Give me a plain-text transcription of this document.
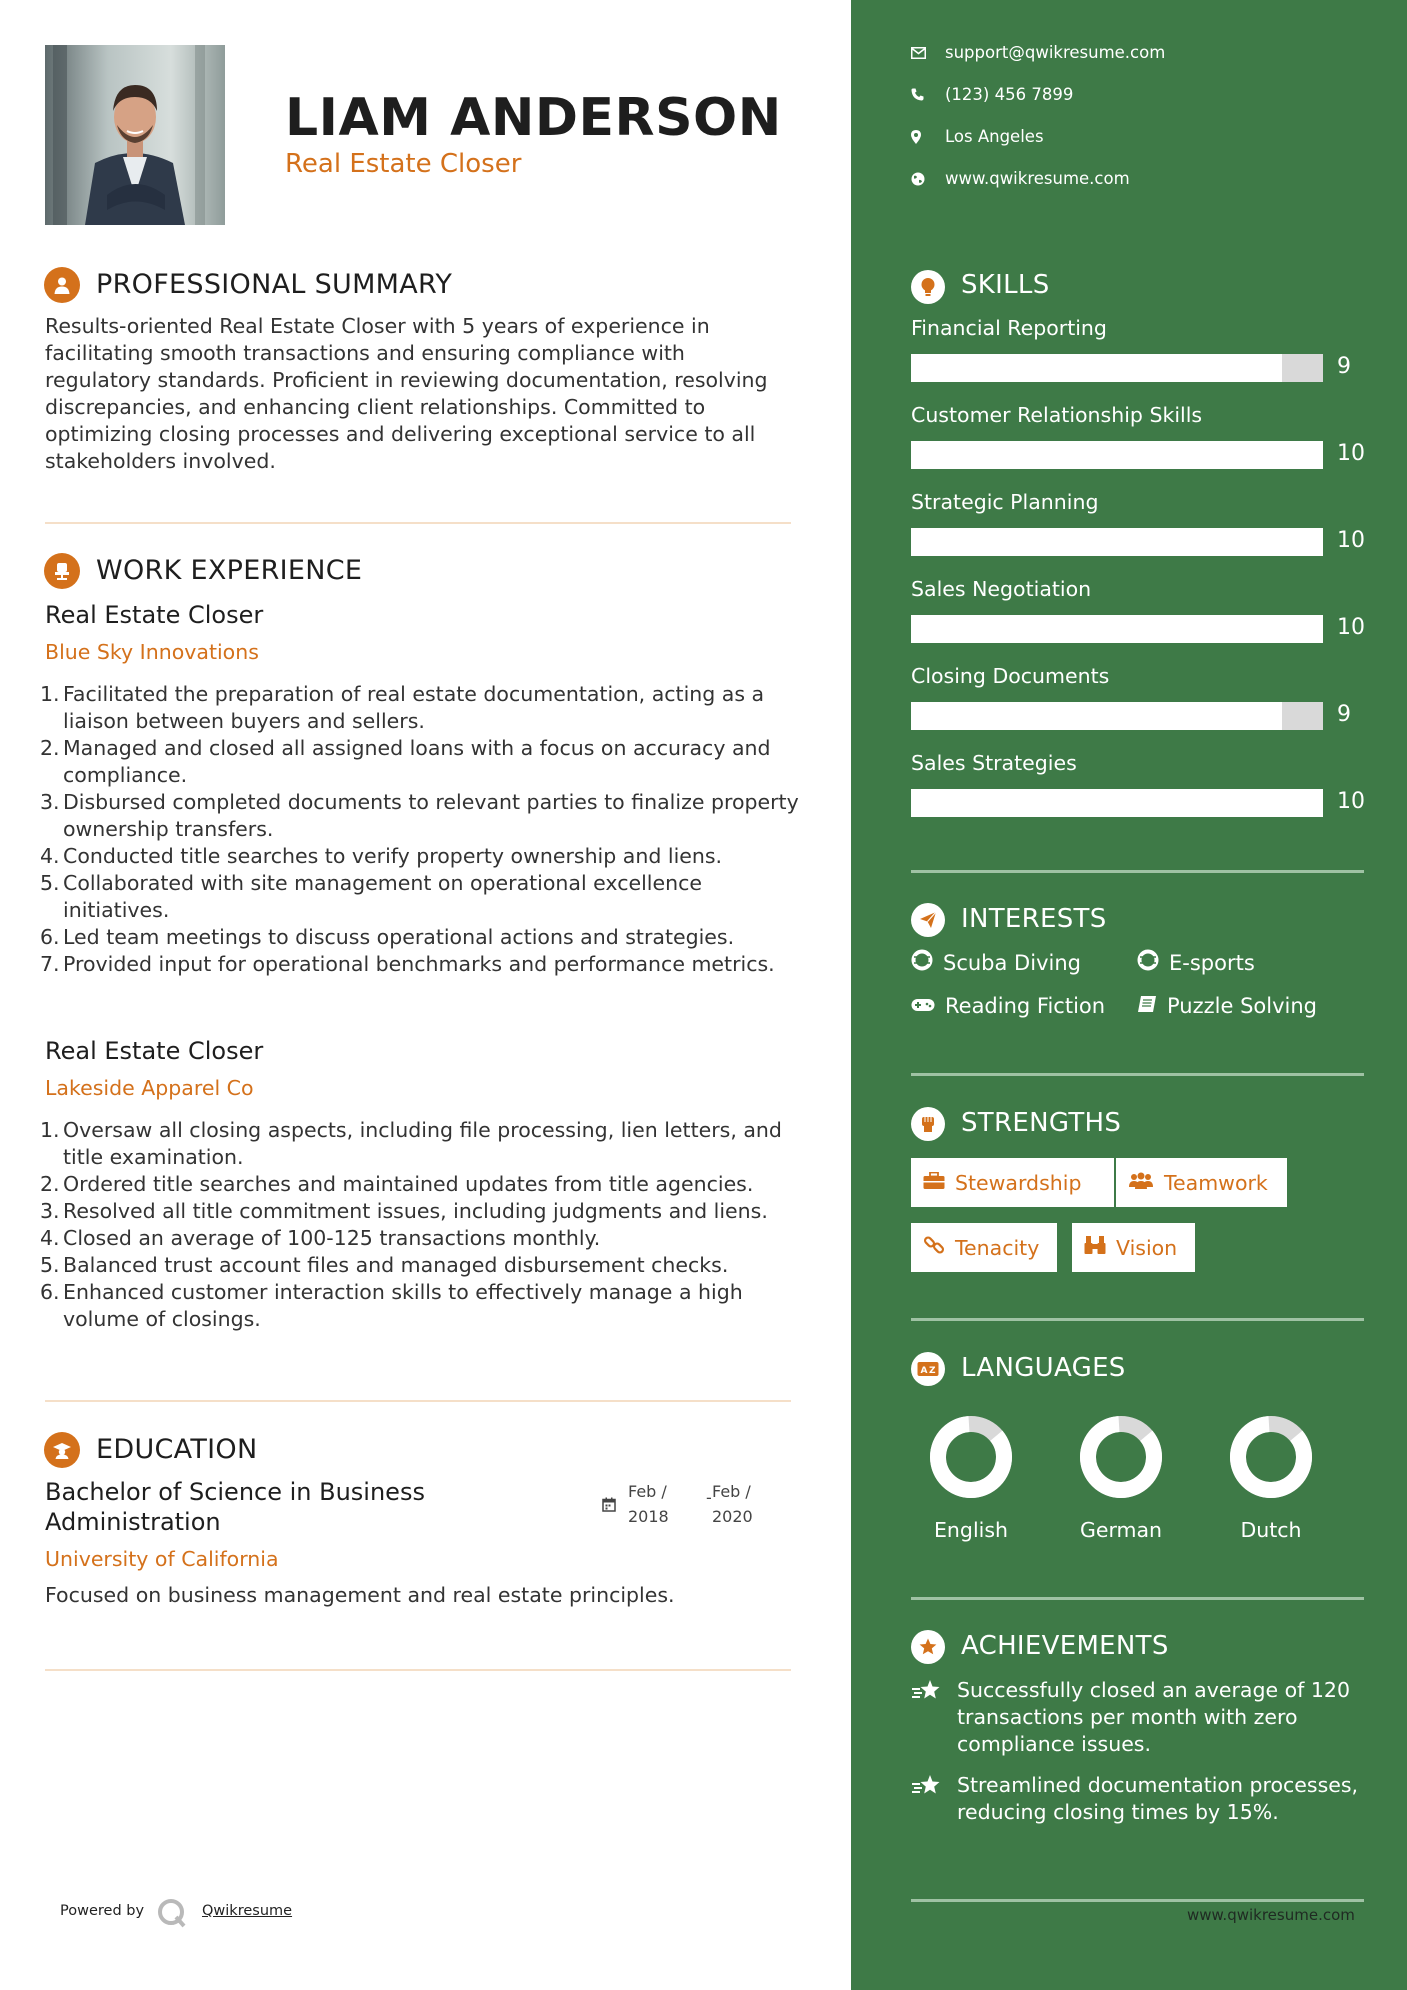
LIAM ANDERSON
Real Estate Closer
PROFESSIONAL SUMMARY
Results-oriented Real Estate Closer with 5 years of experience in facilitating smooth transactions and ensuring compliance with regulatory standards. Proficient in reviewing documentation, resolving discrepancies, and enhancing client relationships. Committed to optimizing closing processes and delivering exceptional service to all stakeholders involved.
WORK EXPERIENCE
Real Estate Closer
Blue Sky Innovations
1. Facilitated the preparation of real estate documentation, acting as a liaison between buyers and sellers.
2. Managed and closed all assigned loans with a focus on accuracy and compliance.
3. Disbursed completed documents to relevant parties to finalize property ownership transfers.
4. Conducted title searches to verify property ownership and liens.
5. Collaborated with site management on operational excellence initiatives.
6. Led team meetings to discuss operational actions and strategies.
7. Provided input for operational benchmarks and performance metrics.
Real Estate Closer
Lakeside Apparel Co
1. Oversaw all closing aspects, including file processing, lien letters, and title examination.
2. Ordered title searches and maintained updates from title agencies.
3. Resolved all title commitment issues, including judgments and liens.
4. Closed an average of 100-125 transactions monthly.
5. Balanced trust account files and managed disbursement checks.
6. Enhanced customer interaction skills to effectively manage a high volume of closings.
EDUCATION
Bachelor of Science in Business Administration
Feb /
2018
- Feb /
2020
University of California
Focused on business management and real estate principles.
Powered by	Qwikresume
support@qwikresume.com
(123) 456 7899
Los Angeles
www.qwikresume.com
SKILLS
Financial Reporting
9
Customer Relationship Skills
10
Strategic Planning
10
Sales Negotiation
10
Closing Documents
9
Sales Strategies
10
INTERESTS
Scuba Diving	E-sports
Reading Fiction	Puzzle Solving
STRENGTHS
Stewardship	Teamwork
Tenacity	Vision
A Z LANGUAGES
English	German	Dutch
ACHIEVEMENTS
Successfully closed an average of 120 transactions per month with zero compliance issues.
Streamlined documentation processes, reducing closing times by 15%.
www.qwikresume.com
